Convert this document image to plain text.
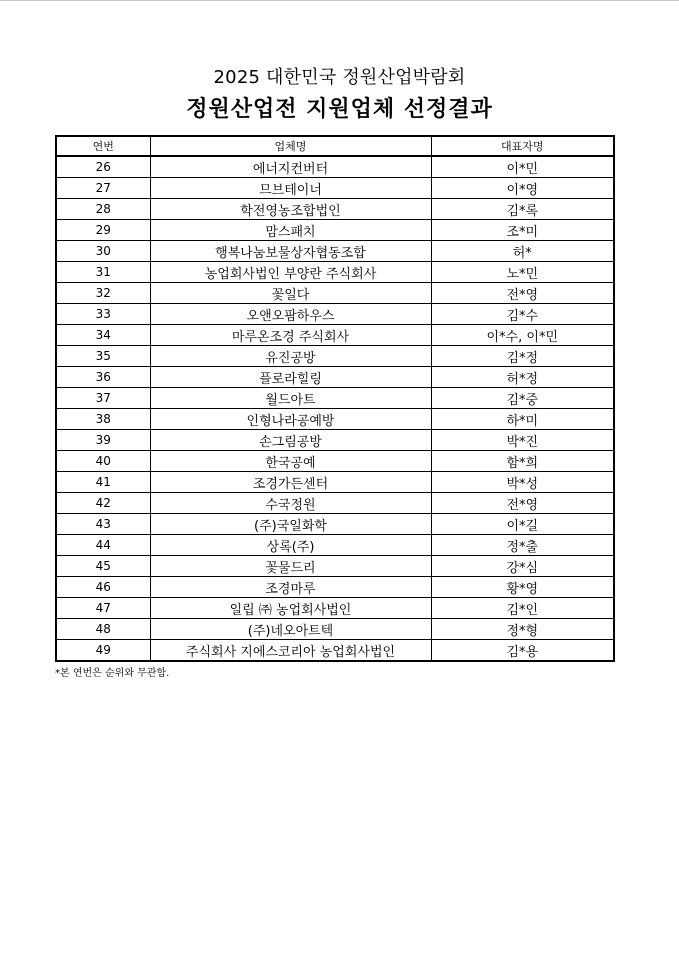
2025 대한민국 정원산업박람회
정원산업전 지원업체 선정결과
연번	업체명	대표자명
26	에너지컨버터	이*민
27	므브테이너	이*영
28	학전영농조합법인	김*록
29	맘스패치	조*미
30	행복나눔보물상자협동조합	허*
31	농업회사법인 부양란 주식회사	노*민
32	꽃일다	전*영
33	오앤오팜하우스	김*수
34	마루온조경 주식회사	이*수, 이*민
35	유진공방	김*정
36	플로라힐링	허*정
37	월드아트	김*중
38	인형나라공예방	하*미
39	손그림공방	박*진
40	한국공예	함*희
41	조경가든센터	박*성
42	수국정원	전*영
43	(주)국일화학	이*길
44	상록(주)	정*출
45	꽃물드리	강*심
46	조경마루	황*영
47	일립 ㈜ 농업회사법인	김*인
48	(주)네오아트텍	정*형
49	주식회사 지에스코리아 농업회사법인	김*용
*본 연번은 순위와 무관함.
